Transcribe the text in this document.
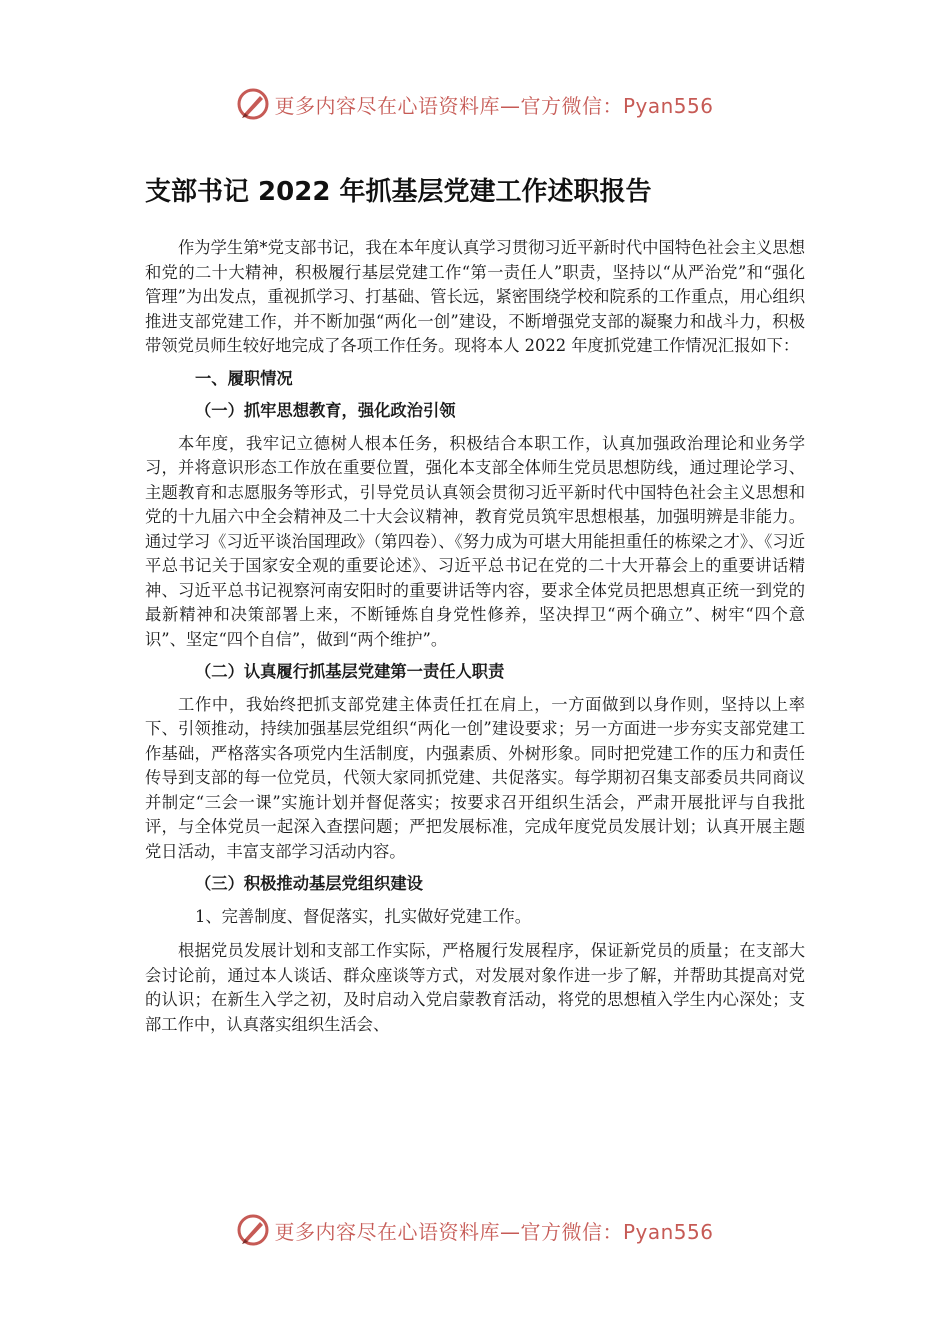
更多内容尽在心语资料库—官方微信：Pyan556
支部书记 2022 年抓基层党建工作述职报告

作为学生第*党支部书记，我在本年度认真学习贯彻习近平新时代中国特色社会主义思想和党的二十大精神，积极履行基层党建工作“第一责任人”职责，坚持以“从严治党”和“强化管理”为出发点，重视抓学习、打基础、管长远，紧密围绕学校和院系的工作重点，用心组织推进支部党建工作，并不断加强“两化一创”建设，不断增强党支部的凝聚力和战斗力，积极带领党员师生较好地完成了各项工作任务。现将本人 2022 年度抓党建工作情况汇报如下：

一、履职情况

（一）抓牢思想教育，强化政治引领

本年度，我牢记立德树人根本任务，积极结合本职工作，认真加强政治理论和业务学习，并将意识形态工作放在重要位置，强化本支部全体师生党员思想防线，通过理论学习、主题教育和志愿服务等形式，引导党员认真领会贯彻习近平新时代中国特色社会主义思想和党的十九届六中全会精神及二十大会议精神，教育党员筑牢思想根基，加强明辨是非能力。通过学习《习近平谈治国理政》（第四卷）、《努力成为可堪大用能担重任的栋梁之才》、《习近平总书记关于国家安全观的重要论述》、习近平总书记在党的二十大开幕会上的重要讲话精神、习近平总书记视察河南安阳时的重要讲话等内容，要求全体党员把思想真正统一到党的最新精神和决策部署上来，不断锤炼自身党性修养，坚决捍卫“两个确立”、树牢“四个意识”、坚定“四个自信”，做到“两个维护”。

（二）认真履行抓基层党建第一责任人职责

工作中，我始终把抓支部党建主体责任扛在肩上，一方面做到以身作则，坚持以上率下、引领推动，持续加强基层党组织“两化一创”建设要求；另一方面进一步夯实支部党建工作基础，严格落实各项党内生活制度，内强素质、外树形象。同时把党建工作的压力和责任传导到支部的每一位党员，代领大家同抓党建、共促落实。每学期初召集支部委员共同商议并制定“三会一课”实施计划并督促落实；按要求召开组织生活会，严肃开展批评与自我批评，与全体党员一起深入查摆问题；严把发展标准，完成年度党员发展计划；认真开展主题党日活动，丰富支部学习活动内容。

（三）积极推动基层党组织建设

1、完善制度、督促落实，扎实做好党建工作。

根据党员发展计划和支部工作实际，严格履行发展程序，保证新党员的质量；在支部大会讨论前，通过本人谈话、群众座谈等方式，对发展对象作进一步了解，并帮助其提高对党的认识；在新生入学之初，及时启动入党启蒙教育活动，将党的思想植入学生内心深处；支部工作中，认真落实组织生活会、

更多内容尽在心语资料库—官方微信：Pyan556
